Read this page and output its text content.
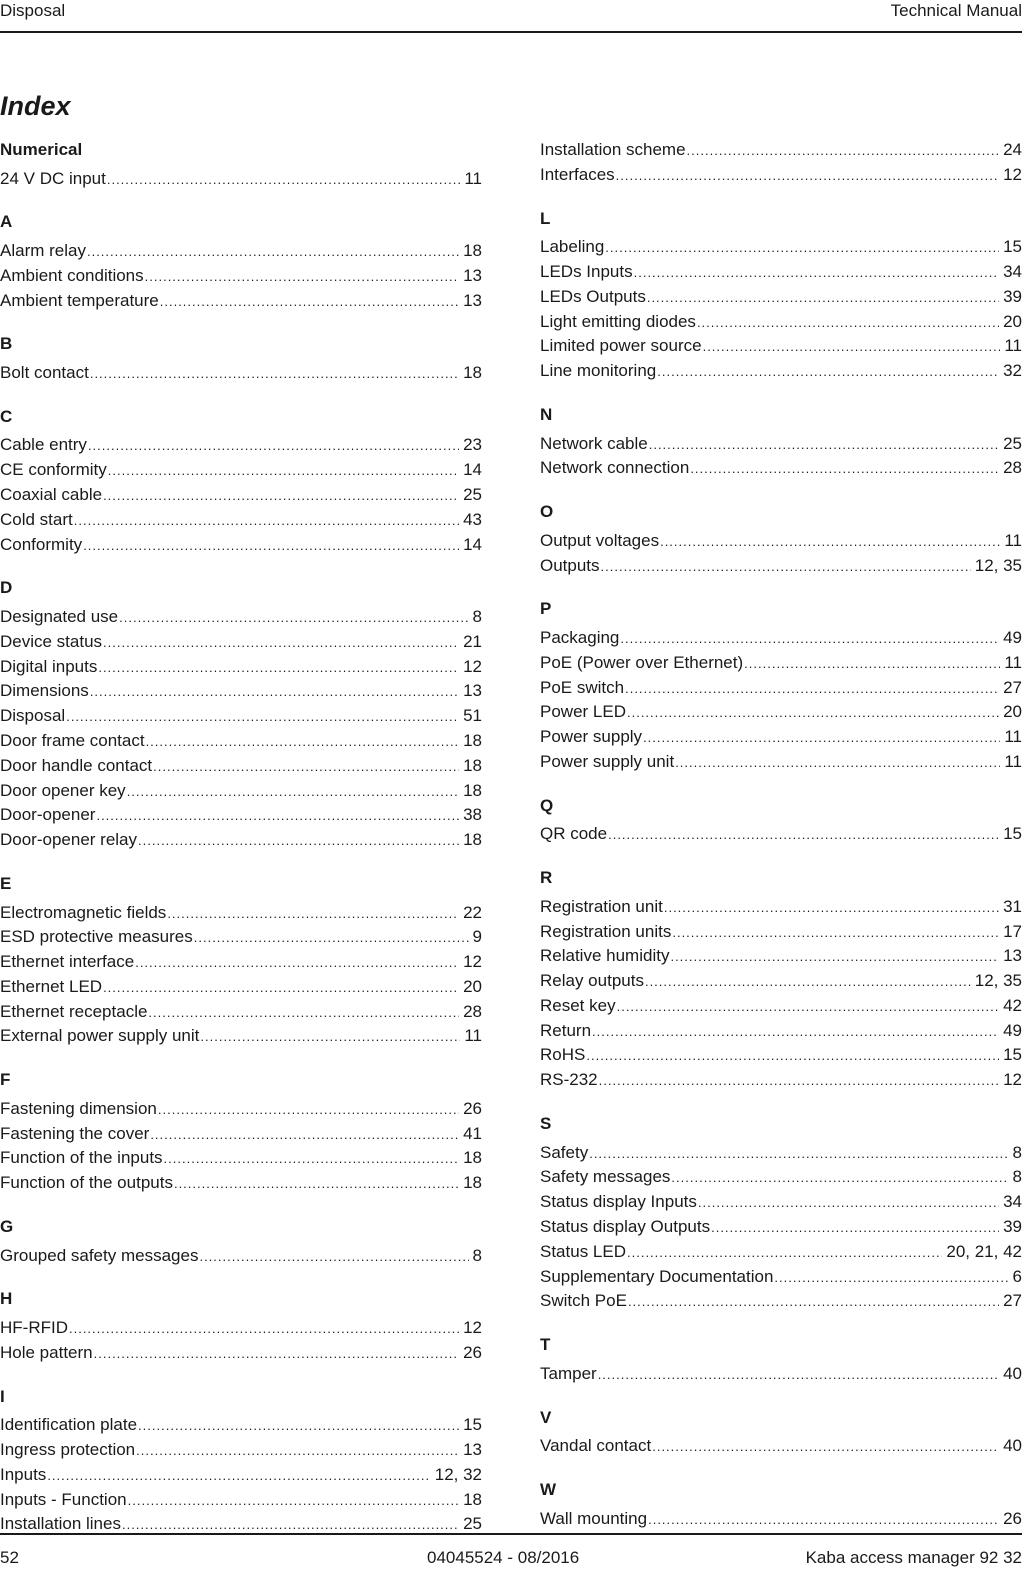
Disposal	Technical Manual
Index
Numerical
24 V DC input .....	11
A
Alarm relay .....	18
Ambient conditions .....	13
Ambient temperature .....	13
B
Bolt contact .....	18
C
Cable entry .....	23
CE conformity .....	14
Coaxial cable .....	25
Cold start .....	43
Conformity .....	14
D
Designated use .....	8
Device status .....	21
Digital inputs .....	12
Dimensions .....	13
Disposal .....	51
Door frame contact .....	18
Door handle contact .....	18
Door opener key .....	18
Door-opener .....	38
Door-opener relay .....	18
E
Electromagnetic fields .....	22
ESD protective measures .....	9
Ethernet interface .....	12
Ethernet LED .....	20
Ethernet receptacle .....	28
External power supply unit .....	11
F
Fastening dimension .....	26
Fastening the cover .....	41
Function of the inputs .....	18
Function of the outputs .....	18
G
Grouped safety messages .....	8
H
HF-RFID .....	12
Hole pattern .....	26
I
Identification plate .....	15
Ingress protection .....	13
Inputs .....	12, 32
Inputs - Function .....	18
Installation lines .....	25
Installation scheme .....	24
Interfaces .....	12
L
Labeling .....	15
LEDs Inputs .....	34
LEDs Outputs .....	39
Light emitting diodes .....	20
Limited power source .....	11
Line monitoring .....	32
N
Network cable .....	25
Network connection .....	28
O
Output voltages .....	11
Outputs .....	12, 35
P
Packaging .....	49
PoE (Power over Ethernet) .....	11
PoE switch .....	27
Power LED .....	20
Power supply .....	11
Power supply unit .....	11
Q
QR code .....	15
R
Registration unit .....	31
Registration units .....	17
Relative humidity .....	13
Relay outputs .....	12, 35
Reset key .....	42
Return .....	49
RoHS .....	15
RS-232 .....	12
S
Safety .....	8
Safety messages .....	8
Status display Inputs .....	34
Status display Outputs .....	39
Status LED .....	20, 21, 42
Supplementary Documentation .....	6
Switch PoE .....	27
T
Tamper .....	40
V
Vandal contact .....	40
W
Wall mounting .....	26
52	04045524 - 08/2016	Kaba access manager 92 32
